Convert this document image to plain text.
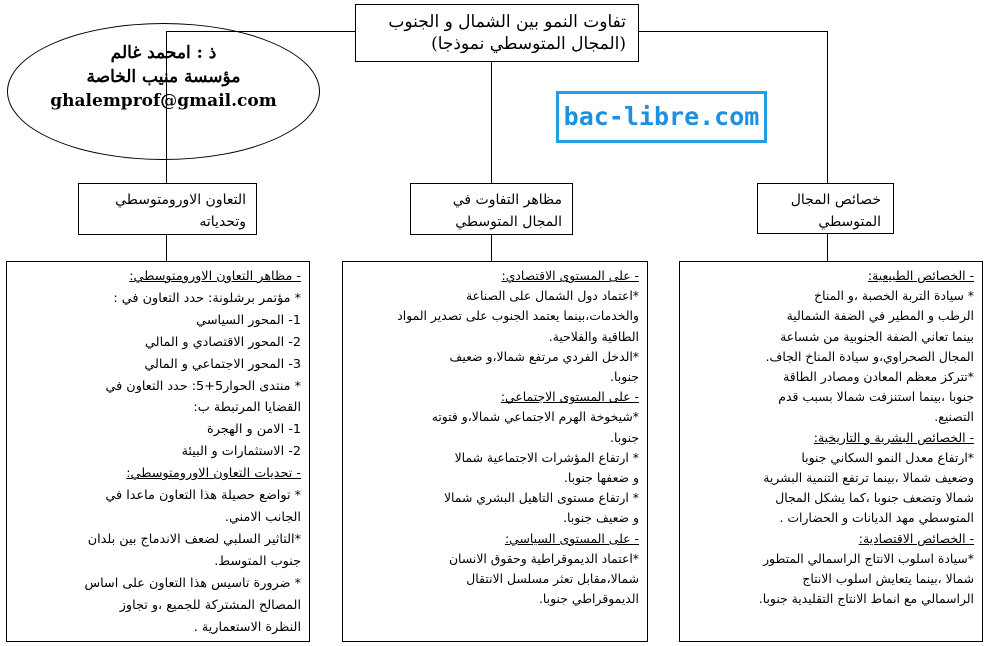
تفاوت النمو بين الشمال و الجنوب
(المجال المتوسطي نموذجا)
ذ : امحمد غالم
مؤسسة منيب الخاصة
ghalemprof@gmail.com
bac-libre.com
خصائص المجال
المتوسطي
مظاهر التفاوت في
المجال المتوسطي
التعاون الاورومتوسطي
وتحدياته
- الخصائص الطبيعية:
* سيادة التربة الخصبة ،و المناخ
الرطب و المطير في الضفة الشمالية
بينما تعاني الضفة الجنوبية من شساعة
المجال الصحراوي،و سيادة المناخ الجاف.
*تتركز معظم المعادن ومصادر الطاقة
جنوبا ،بينما استنزفت شمالا بسبب قدم
التصنيع.
- الخصائص البشرية و التاريخية:
*ارتفاع معدل النمو السكاني جنوبا
وضعيف شمالا ،بينما ترتفع التنمية البشرية
شمالا وتضعف جنوبا ،كما يشكل المجال
المتوسطي مهد الديانات و الحضارات .
- الخصائص الاقتصادية:
*سيادة اسلوب الانتاج الراسمالي المتطور
شمالا ،بينما يتعايش اسلوب الانتاج
الراسمالي مع انماط الانتاج التقليدية جنوبا.
- على المستوى الاقتصادي:
*اعتماد دول الشمال على الصناعة
والخدمات،بينما يعتمد الجنوب على تصدير المواد
الطاقية والفلاحية.
*الدخل الفردي مرتفع شمالا،و ضعيف
جنوبا.
- على المستوى الاجتماعي:
*شيخوخة الهرم الاجتماعي شمالا،و فتوته
جنوبا.
* ارتفاع المؤشرات الاجتماعية شمالا
و ضعفها جنوبا.
* ارتفاع مستوى التاهيل البشري شمالا
و ضعيف جنوبا.
- على المستوى السياسي:
*اعتماد الديموقراطية وحقوق الانسان
شمالا،مقابل تعثر مسلسل الانتقال
الديموقراطي جنوبا.
- مظاهر التعاون الاورومتوسطي:
* مؤتمر برشلونة: حدد التعاون في :
1- المحور السياسي
2- المحور الاقتصادي و المالي
3- المحور الاجتماعي و المالي
* منتدى الحوار5+5: حدد التعاون في
القضايا المرتبطة ب:
1- الامن و الهجرة
2- الاستثمارات و البيئة
- تحديات التعاون الاورومتوسطي:
* تواضع حصيلة هذا التعاون ماعدا في
الجانب الامني.
*التاثير السلبي لضعف الاندماج بين بلدان
جنوب المتوسط.
* ضرورة تاسيس هذا التعاون على اساس
المصالح المشتركة للجميع ،و تجاوز
النظرة الاستعمارية .
